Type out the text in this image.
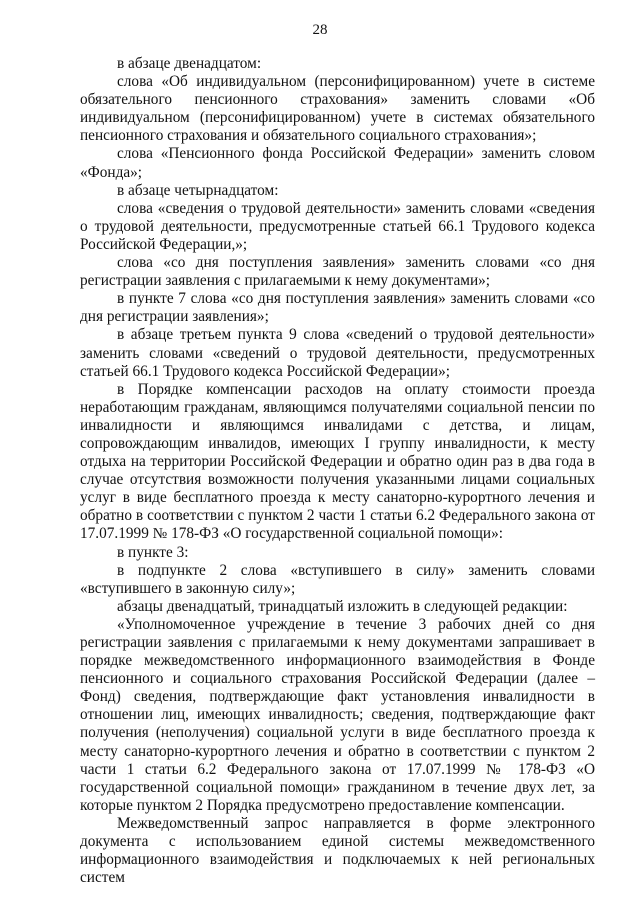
28

в абзаце двенадцатом:

слова «Об индивидуальном (персонифицированном) учете в системе обязательного пенсионного страхования» заменить словами «Об индивидуальном (персонифицированном) учете в системах обязательного пенсионного страхования и обязательного социального страхования»;

слова «Пенсионного фонда Российской Федерации» заменить словом «Фонда»;

в абзаце четырнадцатом:

слова «сведения о трудовой деятельности» заменить словами «сведения о трудовой деятельности, предусмотренные статьей 66.1 Трудового кодекса Российской Федерации,»;

слова «со дня поступления заявления» заменить словами «со дня регистрации заявления с прилагаемыми к нему документами»;

в пункте 7 слова «со дня поступления заявления» заменить словами «со дня регистрации заявления»;

в абзаце третьем пункта 9 слова «сведений о трудовой деятельности» заменить словами «сведений о трудовой деятельности, предусмотренных статьей 66.1 Трудового кодекса Российской Федерации»;

в Порядке компенсации расходов на оплату стоимости проезда неработающим гражданам, являющимся получателями социальной пенсии по инвалидности и являющимся инвалидами с детства, и лицам, сопровождающим инвалидов, имеющих I группу инвалидности, к месту отдыха на территории Российской Федерации и обратно один раз в два года в случае отсутствия возможности получения указанными лицами социальных услуг в виде бесплатного проезда к месту санаторно-курортного лечения и обратно в соответствии с пунктом 2 части 1 статьи 6.2 Федерального закона от 17.07.1999 № 178-ФЗ «О государственной социальной помощи»:

в пункте 3:

в подпункте 2 слова «вступившего в силу» заменить словами «вступившего в законную силу»;

абзацы двенадцатый, тринадцатый изложить в следующей редакции:

«Уполномоченное учреждение в течение 3 рабочих дней со дня регистрации заявления с прилагаемыми к нему документами запрашивает в порядке межведомственного информационного взаимодействия в Фонде пенсионного и социального страхования Российской Федерации (далее – Фонд) сведения, подтверждающие факт установления инвалидности в отношении лиц, имеющих инвалидность; сведения, подтверждающие факт получения (неполучения) социальной услуги в виде бесплатного проезда к месту санаторно-курортного лечения и обратно в соответствии с пунктом 2 части 1 статьи 6.2 Федерального закона от 17.07.1999 № 178-ФЗ «О государственной социальной помощи» гражданином в течение двух лет, за которые пунктом 2 Порядка предусмотрено предоставление компенсации.

Межведомственный запрос направляется в форме электронного документа с использованием единой системы межведомственного информационного взаимодействия и подключаемых к ней региональных систем
